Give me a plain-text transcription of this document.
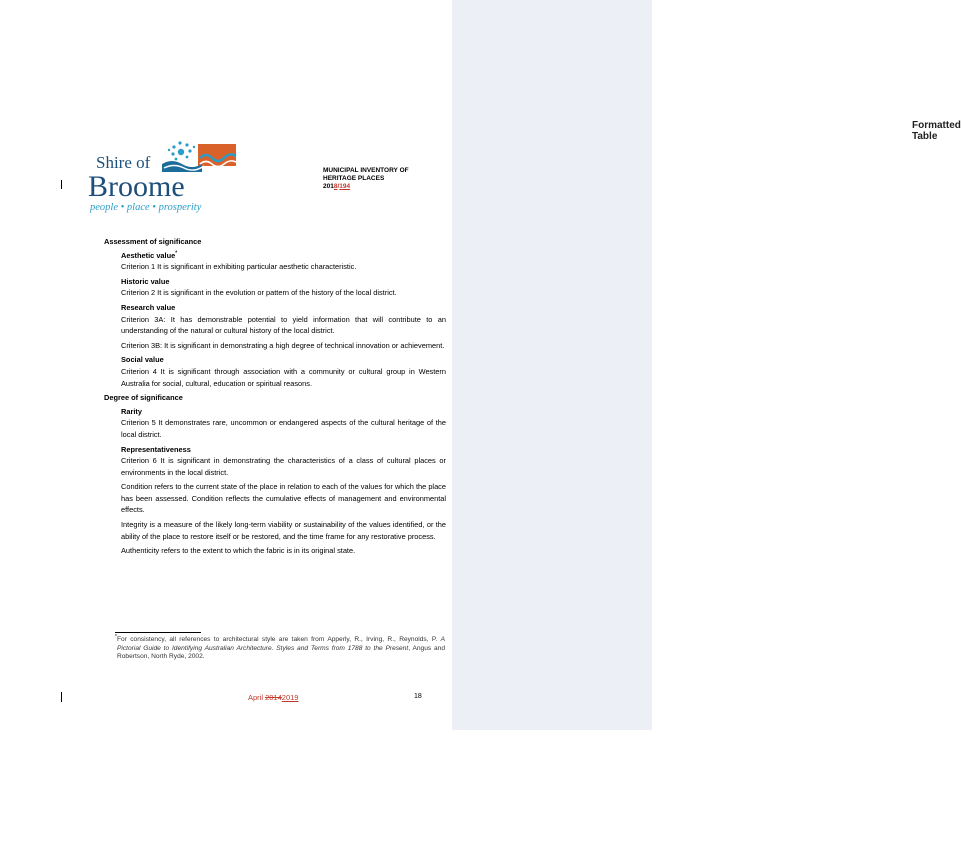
Formatted Table
Shire of
Broome
people • place • prosperity
MUNICIPAL INVENTORY OF
HERITAGE PLACES
2018/194
Assessment of significance
Aesthetic value*
Criterion 1 It is significant in exhibiting particular aesthetic characteristic.
Historic value
Criterion 2 It is significant in the evolution or pattern of the history of the local district.
Research value
Criterion 3A: It has demonstrable potential to yield information that will contribute to an understanding of the natural or cultural history of the local district.
Criterion 3B: It is significant in demonstrating a high degree of technical innovation or achievement.
Social value
Criterion 4 It is significant through association with a community or cultural group in Western Australia for social, cultural, education or spiritual reasons.
Degree of significance
Rarity
Criterion 5 It demonstrates rare, uncommon or endangered aspects of the cultural heritage of the local district.
Representativeness
Criterion 6 It is significant in demonstrating the characteristics of a class of cultural places or environments in the local district.
Condition refers to the current state of the place in relation to each of the values for which the place has been assessed. Condition reflects the cumulative effects of management and environmental effects.
Integrity is a measure of the likely long-term viability or sustainability of the values identified, or the ability of the place to restore itself or be restored, and the time frame for any restorative process.
Authenticity refers to the extent to which the fabric is in its original state.
* For consistency, all references to architectural style are taken from Apperly, R., Irving, R., Reynolds, P. A Pictorial Guide to Identifying Australian Architecture. Styles and Terms from 1788 to the Present, Angus and Robertson, North Ryde, 2002.
April 20142019	18
